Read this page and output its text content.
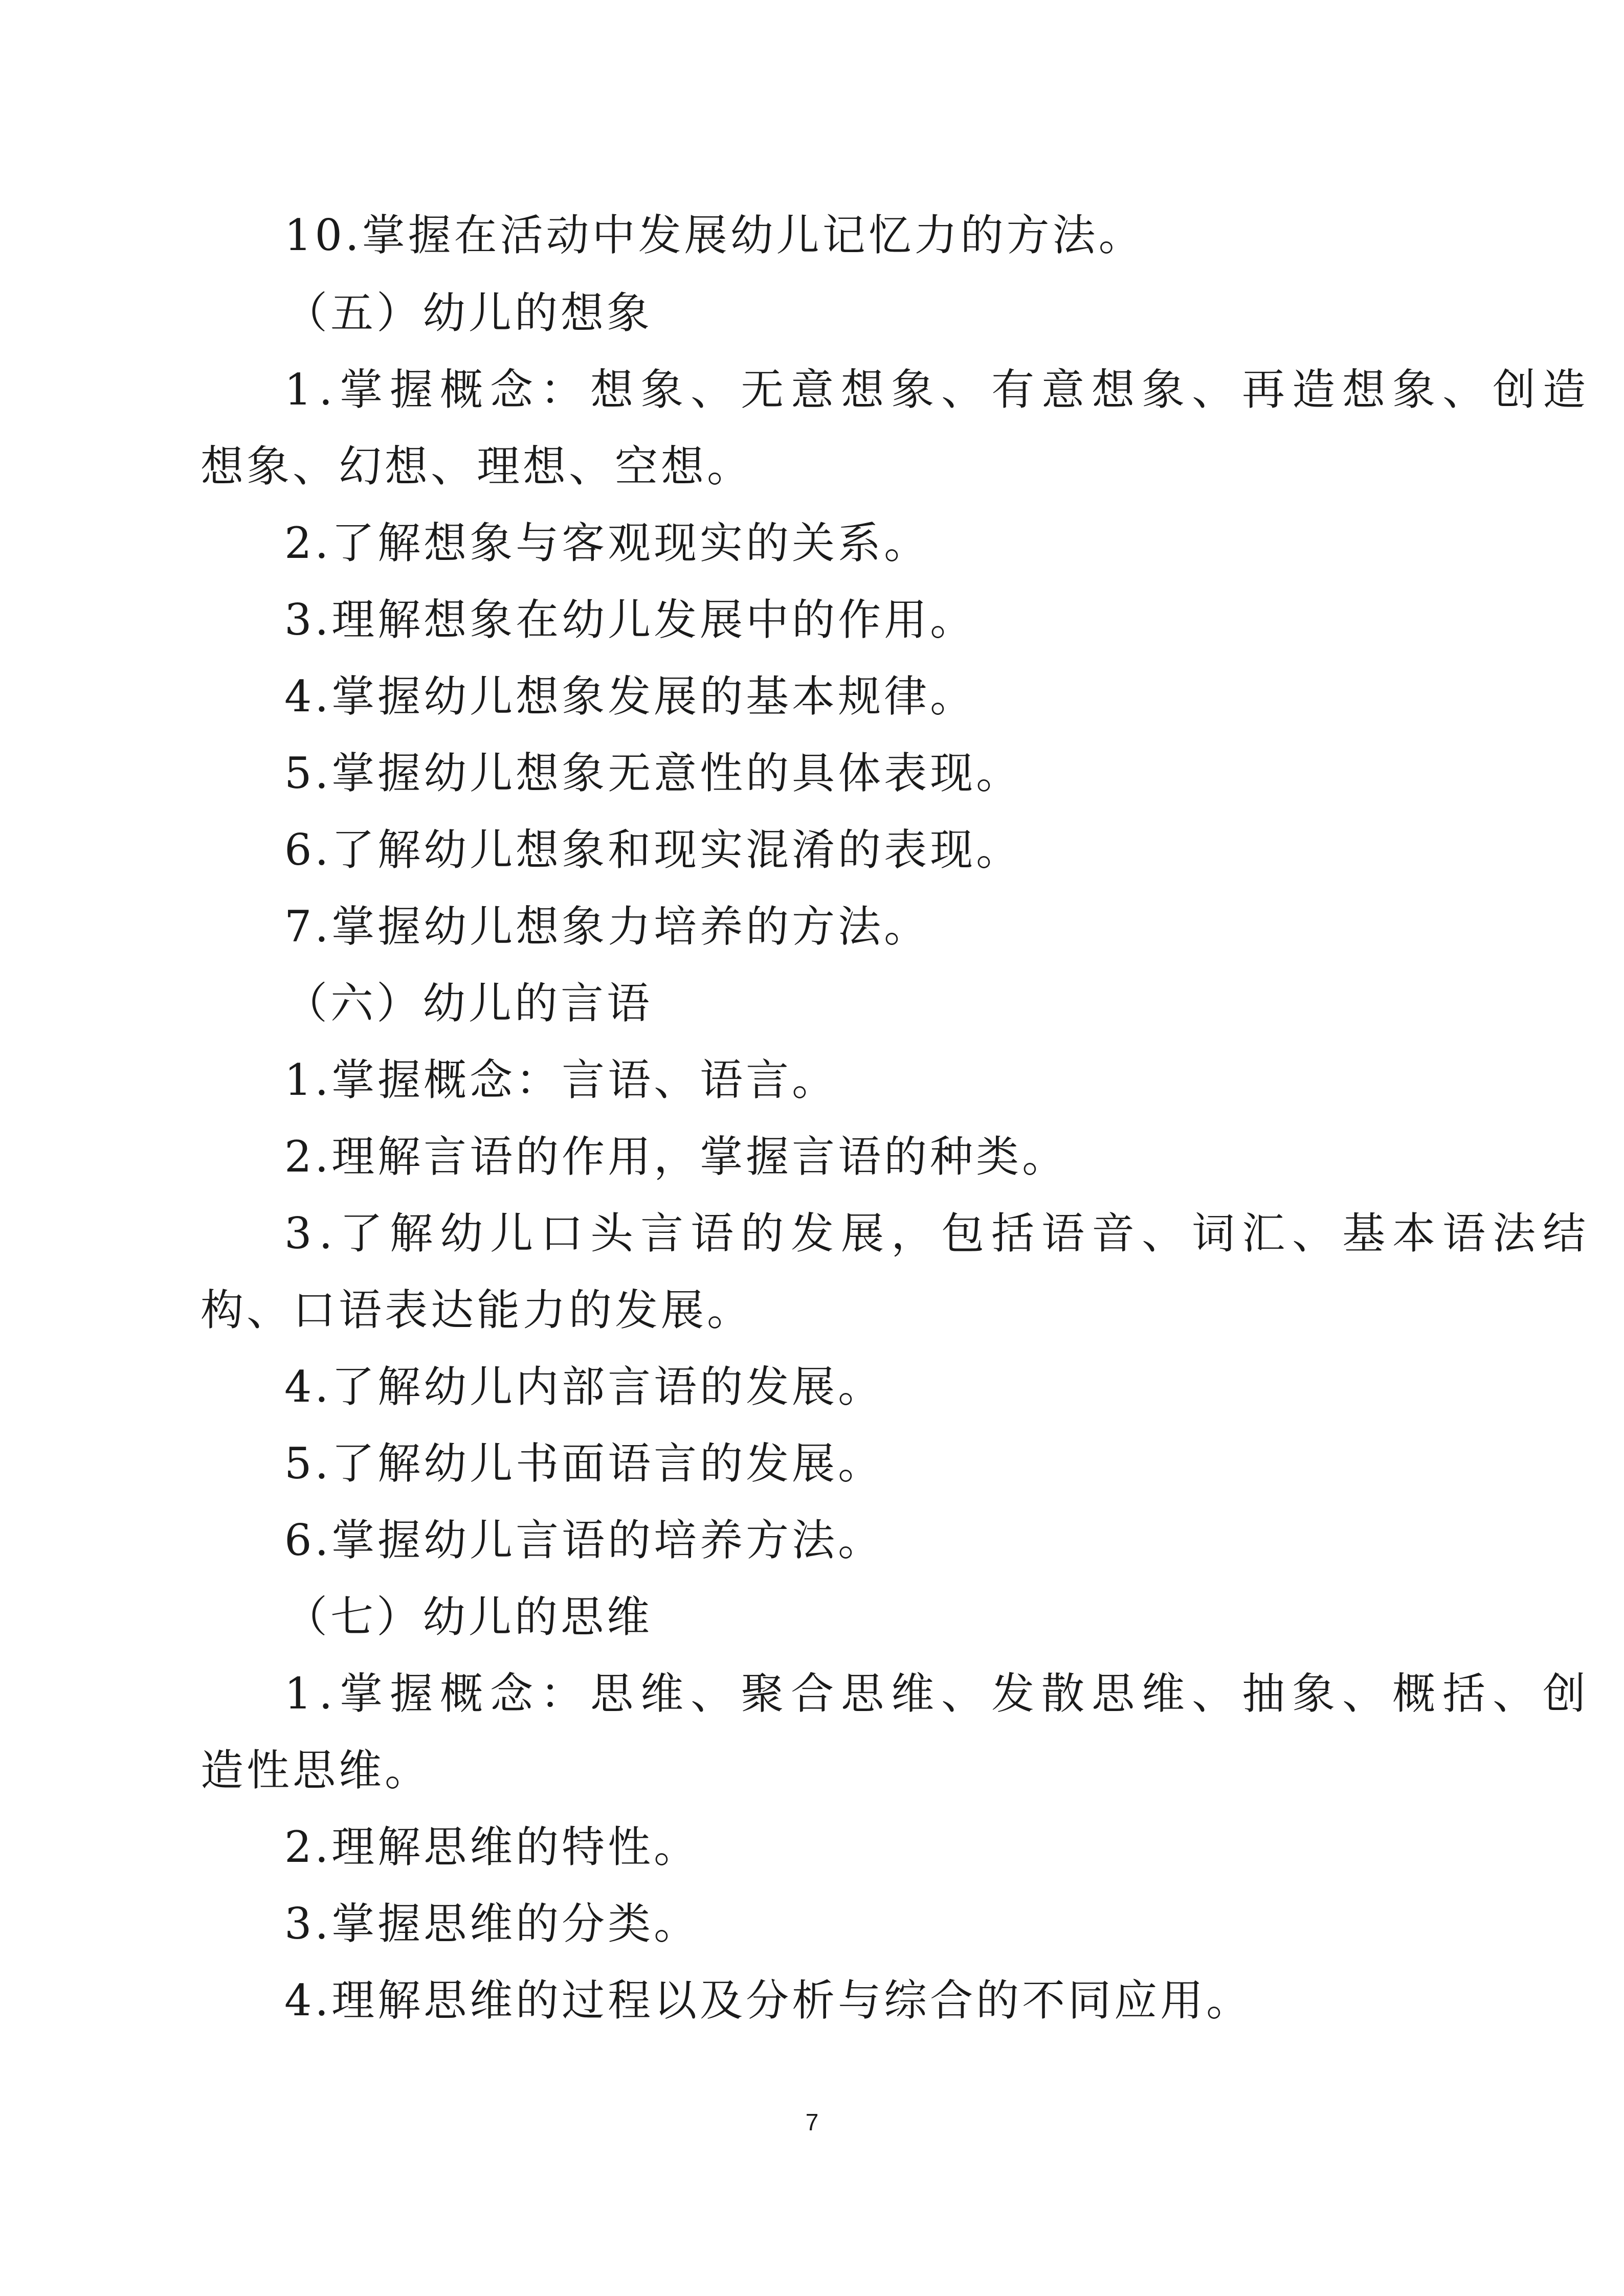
10.掌握在活动中发展幼儿记忆力的方法。
（五）幼儿的想象
1.掌握概念：想象、无意想象、有意想象、再造想象、创造
想象、幻想、理想、空想。
2.了解想象与客观现实的关系。
3.理解想象在幼儿发展中的作用。
4.掌握幼儿想象发展的基本规律。
5.掌握幼儿想象无意性的具体表现。
6.了解幼儿想象和现实混淆的表现。
7.掌握幼儿想象力培养的方法。
（六）幼儿的言语
1.掌握概念：言语、语言。
2.理解言语的作用，掌握言语的种类。
3.了解幼儿口头言语的发展，包括语音、词汇、基本语法结
构、口语表达能力的发展。
4.了解幼儿内部言语的发展。
5.了解幼儿书面语言的发展。
6.掌握幼儿言语的培养方法。
（七）幼儿的思维
1.掌握概念：思维、聚合思维、发散思维、抽象、概括、创
造性思维。
2.理解思维的特性。
3.掌握思维的分类。
4.理解思维的过程以及分析与综合的不同应用。
7
